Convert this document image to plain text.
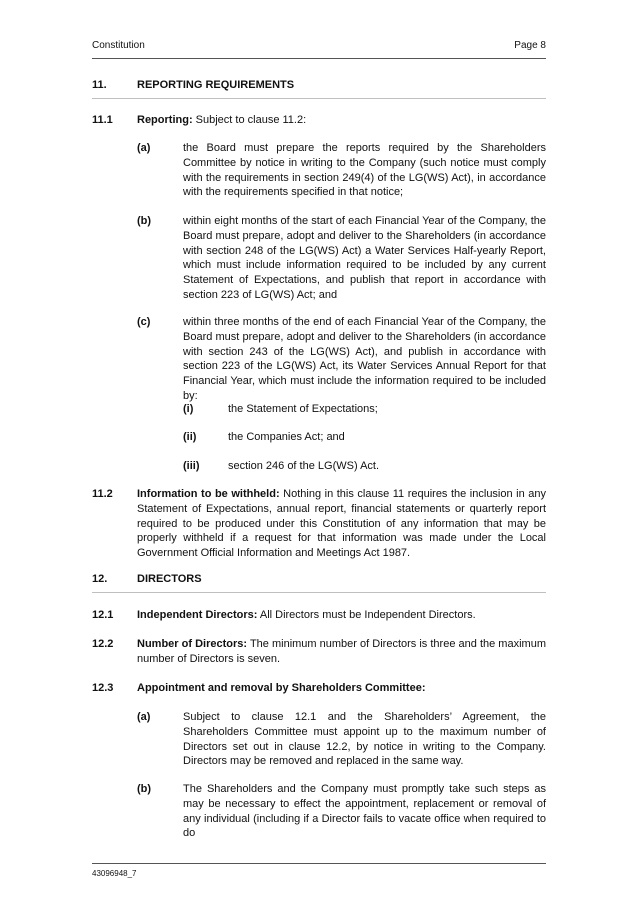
Constitution	Page 8
11.	REPORTING REQUIREMENTS
11.1 Reporting: Subject to clause 11.2:
(a)	the Board must prepare the reports required by the Shareholders Committee by notice in writing to the Company (such notice must comply with the requirements in section 249(4) of the LG(WS) Act), in accordance with the requirements specified in that notice;
(b)	within eight months of the start of each Financial Year of the Company, the Board must prepare, adopt and deliver to the Shareholders (in accordance with section 248 of the LG(WS) Act) a Water Services Half-yearly Report, which must include information required to be included by any current Statement of Expectations, and publish that report in accordance with section 223 of LG(WS) Act; and
(c)	within three months of the end of each Financial Year of the Company, the Board must prepare, adopt and deliver to the Shareholders (in accordance with section 243 of the LG(WS) Act), and publish in accordance with section 223 of the LG(WS) Act, its Water Services Annual Report for that Financial Year, which must include the information required to be included by:
(i)	the Statement of Expectations;
(ii)	the Companies Act; and
(iii)	section 246 of the LG(WS) Act.
11.2 Information to be withheld: Nothing in this clause 11 requires the inclusion in any Statement of Expectations, annual report, financial statements or quarterly report required to be produced under this Constitution of any information that may be properly withheld if a request for that information was made under the Local Government Official Information and Meetings Act 1987.
12.	DIRECTORS
12.1 Independent Directors: All Directors must be Independent Directors.
12.2 Number of Directors: The minimum number of Directors is three and the maximum number of Directors is seven.
12.3 Appointment and removal by Shareholders Committee:
(a)	Subject to clause 12.1 and the Shareholders’ Agreement, the Shareholders Committee must appoint up to the maximum number of Directors set out in clause 12.2, by notice in writing to the Company. Directors may be removed and replaced in the same way.
(b)	The Shareholders and the Company must promptly take such steps as may be necessary to effect the appointment, replacement or removal of any individual (including if a Director fails to vacate office when required to do
43096948_7
